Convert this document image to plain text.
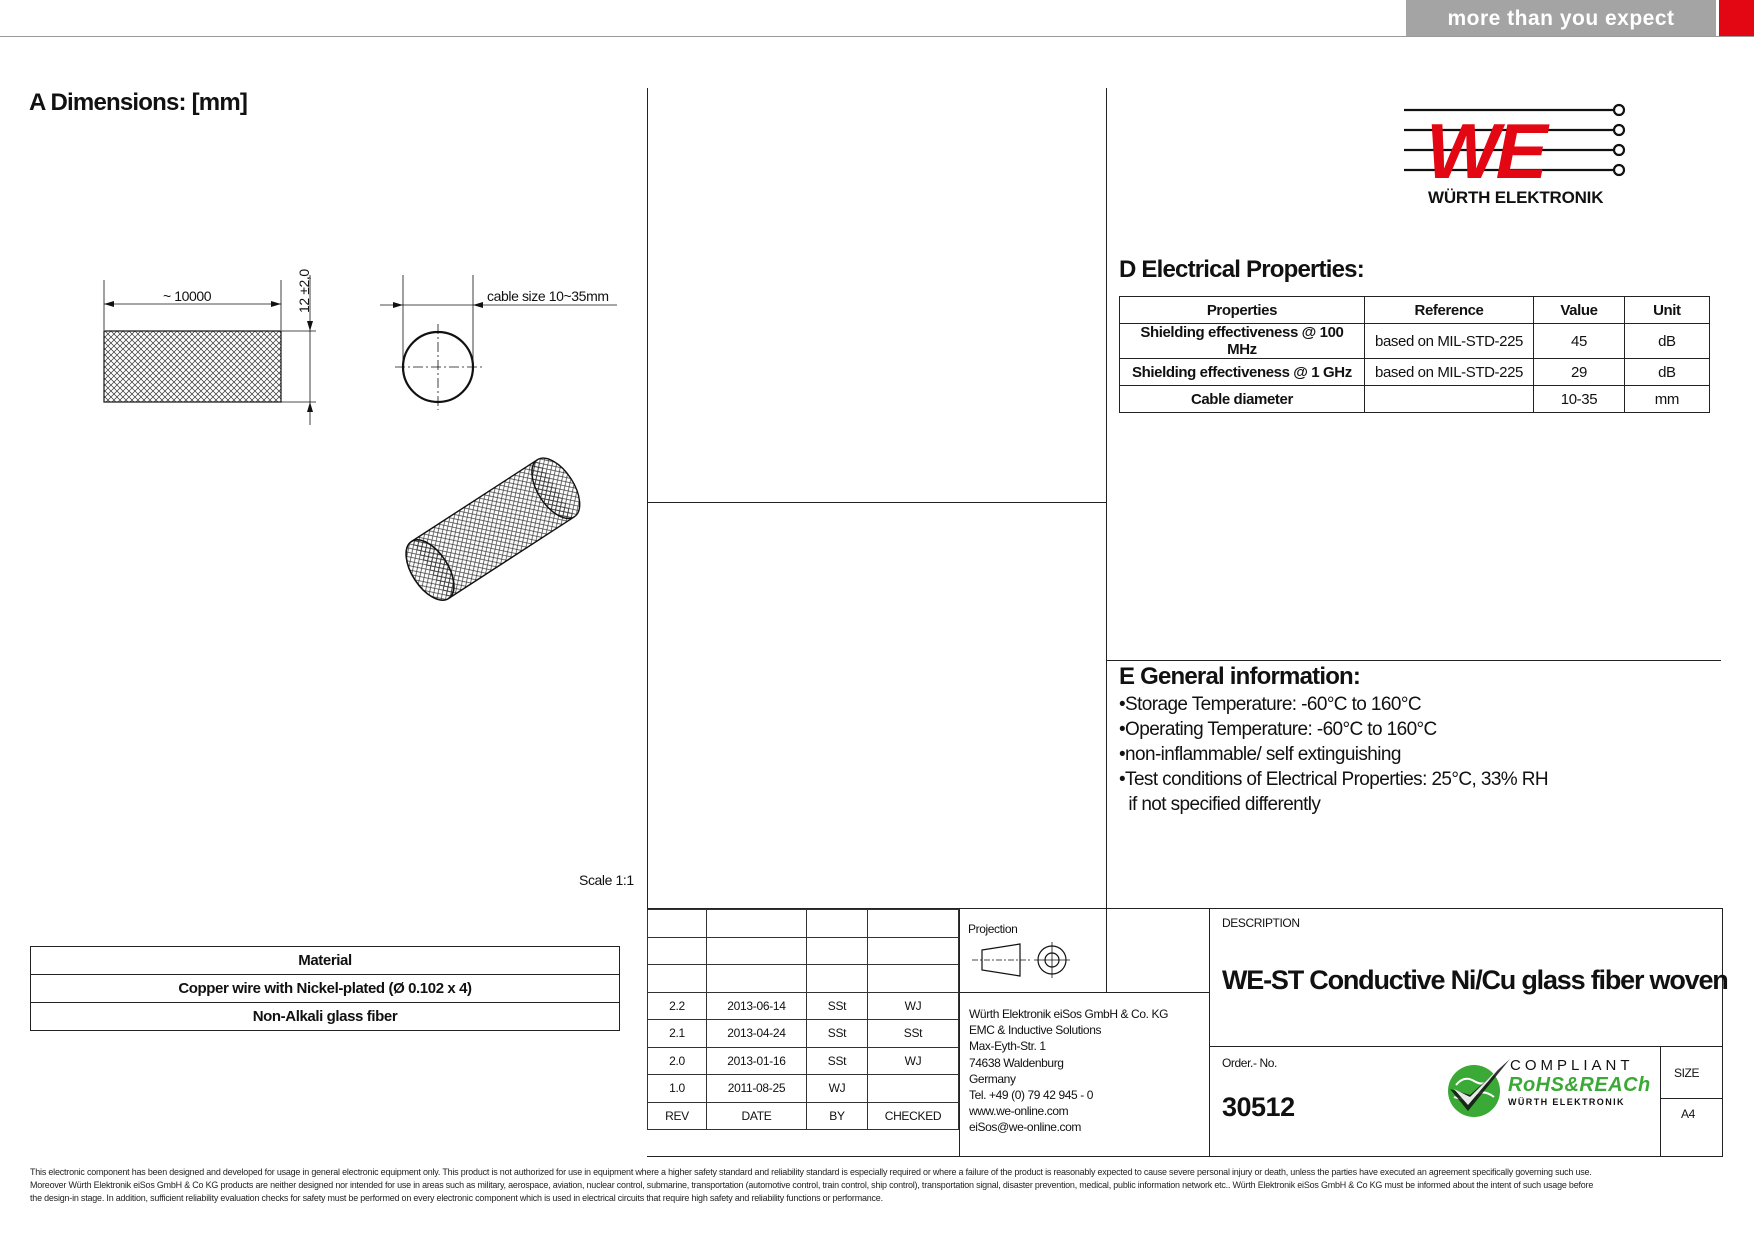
more than you expect
A Dimensions: [mm]
~ 10000	12 ±2,0	cable size 10~35mm
Scale 1:1
WE
WÜRTH ELEKTRONIK
D Electrical Properties:
Properties	Reference	Value	Unit
Shielding effectiveness @ 100 MHz	based on MIL-STD-225	45	dB
Shielding effectiveness @ 1 GHz	based on MIL-STD-225	29	dB
Cable diameter		10-35	mm
E General information:
•Storage Temperature: -60°C to 160°C
•Operating Temperature: -60°C to 160°C
•non-inflammable/ self extinguishing
•Test conditions of Electrical Properties: 25°C, 33% RH
if not specified differently
Material
Copper wire with Nickel-plated (Ø 0.102 x 4)
Non-Alkali glass fiber

2.2	2013-06-14	SSt	WJ
2.1	2013-04-24	SSt	SSt
2.0	2013-01-16	SSt	WJ
1.0	2011-08-25	WJ	
REV	DATE	BY	CHECKED
Projection
Würth Elektronik eiSos GmbH & Co. KG
EMC & Inductive Solutions
Max-Eyth-Str. 1
74638 Waldenburg
Germany
Tel. +49 (0) 79 42 945 - 0
www.we-online.com
eiSos@we-online.com
DESCRIPTION
WE-ST Conductive Ni/Cu glass fiber woven
Order.- No.
30512
SIZE
A4
COMPLIANT
RoHS&REACh
WÜRTH ELEKTRONIK
This electronic component has been designed and developed for usage in general electronic equipment only. This product is not authorized for use in equipment where a higher safety standard and reliability standard is especially required or where a failure of the product is reasonably expected to cause severe personal injury or death, unless the parties have executed an agreement specifically governing such use.
Moreover Würth Elektronik eiSos GmbH & Co KG products are neither designed nor intended for use in areas such as military, aerospace, aviation, nuclear control, submarine, transportation (automotive control, train control, ship control), transportation signal, disaster prevention, medical, public information network etc.. Würth Elektronik eiSos GmbH & Co KG must be informed about the intent of such usage before
the design-in stage. In addition, sufficient reliability evaluation checks for safety must be performed on every electronic component which is used in electrical circuits that require high safety and reliability functions or performance.
